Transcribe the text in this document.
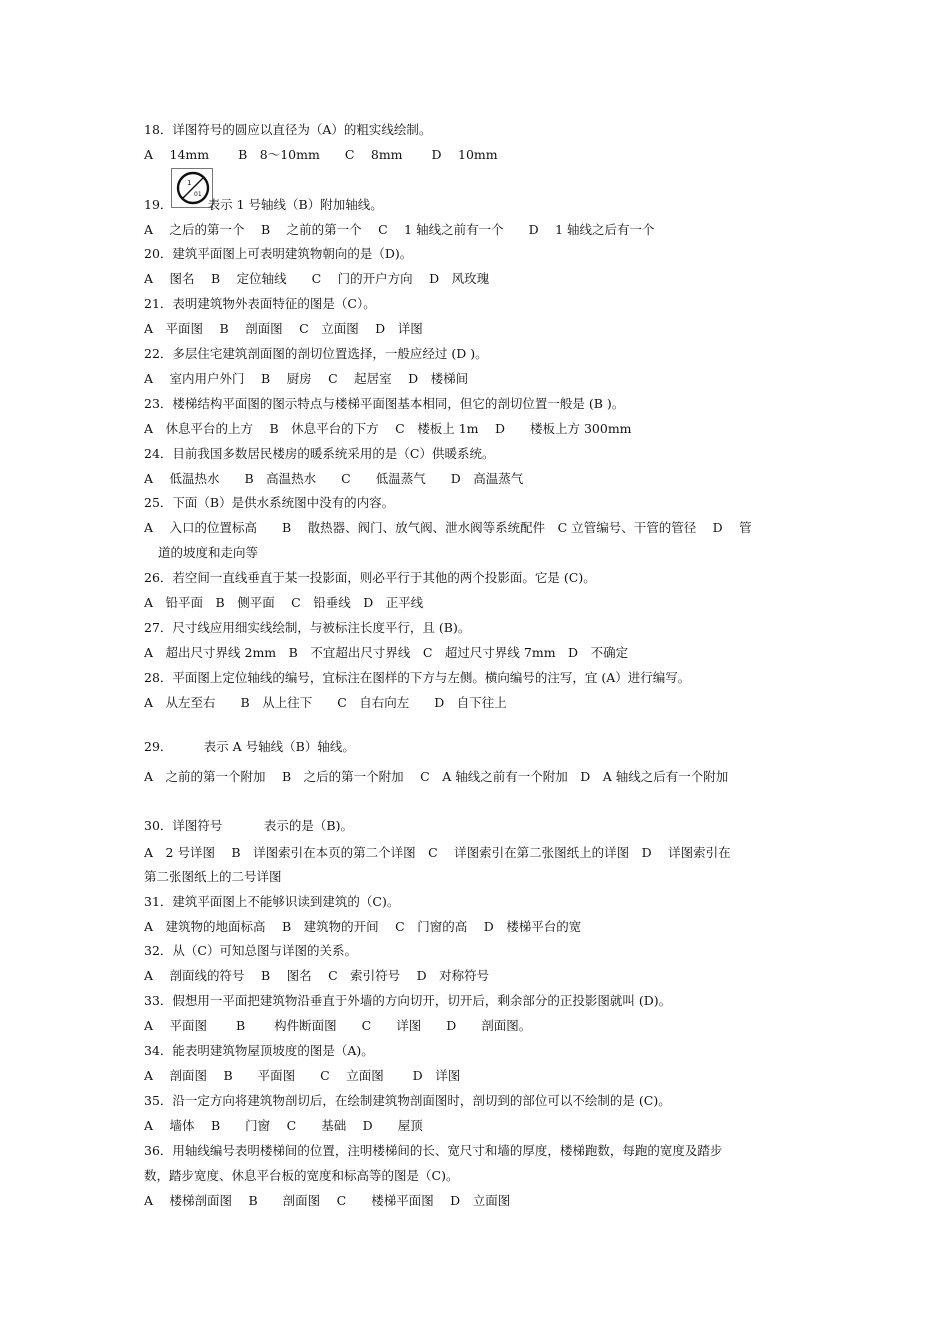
18．详图符号的圆应以直径为（A）的粗实线绘制。
A　 14mm　　 B　8～10mm　　C　 8mm　　 D　 10mm
1
01
19．　　　 表示 1 号轴线（B）附加轴线。
A　 之后的第一个　 B　 之前的第一个　 C　 1 轴线之前有一个　　D　 1 轴线之后有一个
20．建筑平面图上可表明建筑物朝向的是（D)。
A　 图名　 B　 定位轴线　　C　 门的开户方向　 D　风玫瑰
21．表明建筑物外表面特征的图是（C）。
A　平面图　 B　 剖面图　 C　立面图　 D　详图
22．多层住宅建筑剖面图的剖切位置选择，一般应经过 (D )。
A　 室内用户外门　 B　 厨房　 C　 起居室　 D　楼梯间
23．楼梯结构平面图的图示特点与楼梯平面图基本相同，但它的剖切位置一般是 (B )。
A　休息平台的上方　 B　休息平台的下方　 C　楼板上 1m　 D　　楼板上方 300mm
24．目前我国多数居民楼房的暖系统采用的是（C）供暖系统。
A　 低温热水　　B　高温热水　　C　　低温蒸气　　D　高温蒸气
25．下面（B）是供水系统图中没有的内容。
A　 入口的位置标高　　B　 散热器、阀门、放气阀、泄水阀等系统配件　C 立管编号、干管的管径　 D　 管
道的坡度和走向等
26．若空间一直线垂直于某一投影面，则必平行于其他的两个投影面。它是 (C)。
A　铅平面　B　侧平面　 C　铅垂线　D　正平线
27．尺寸线应用细实线绘制，与被标注长度平行，且 (B)。
A　超出尺寸界线 2mm　B　不宜超出尺寸界线　C　超过尺寸界线 7mm　D　不确定
28．平面图上定位轴线的编号，宜标注在图样的下方与左侧。横向编号的注写，宜 (A）进行编写。
A　从左至右　　B　从上往下　　C　自右向左　　D　自下往上
29．　　　表示 A 号轴线（B）轴线。
A　之前的第一个附加　 B　之后的第一个附加　 C　A 轴线之前有一个附加　D　A 轴线之后有一个附加
30．详图符号　　　 表示的是（B)。
A　2 号详图　 B　详图索引在本页的第二个详图　C　 详图索引在第二张图纸上的详图　D　 详图索引在
第二张图纸上的二号详图
31．建筑平面图上不能够识读到建筑的（C)。
A　建筑物的地面标高　 B　建筑物的开间　 C　门窗的高　 D　楼梯平台的宽
32．从（C）可知总图与详图的关系。
A　 剖面线的符号　 B　 图名　 C　索引符号　 D　对称符号
33．假想用一平面把建筑物沿垂直于外墙的方向切开，切开后，剩余部分的正投影图就叫 (D)。
A　 平面图　　 B　　 构件断面图　　C　　详图　　D　　剖面图。
34．能表明建筑物屋顶坡度的图是（A)。
A　 剖面图　 B　　平面图　　C　 立面图　　 D　详图
35．沿一定方向将建筑物剖切后，在绘制建筑物剖面图时，剖切到的部位可以不绘制的是 (C)。
A　 墙体　 B　　门窗　 C　　基础　 D　　屋顶
36．用轴线编号表明楼梯间的位置，注明楼梯间的长、宽尺寸和墙的厚度，楼梯跑数，每跑的宽度及踏步
数，踏步宽度、休息平台板的宽度和标高等的图是（C)。
A　 楼梯剖面图　 B　　剖面图　 C　　楼梯平面图　 D　立面图
